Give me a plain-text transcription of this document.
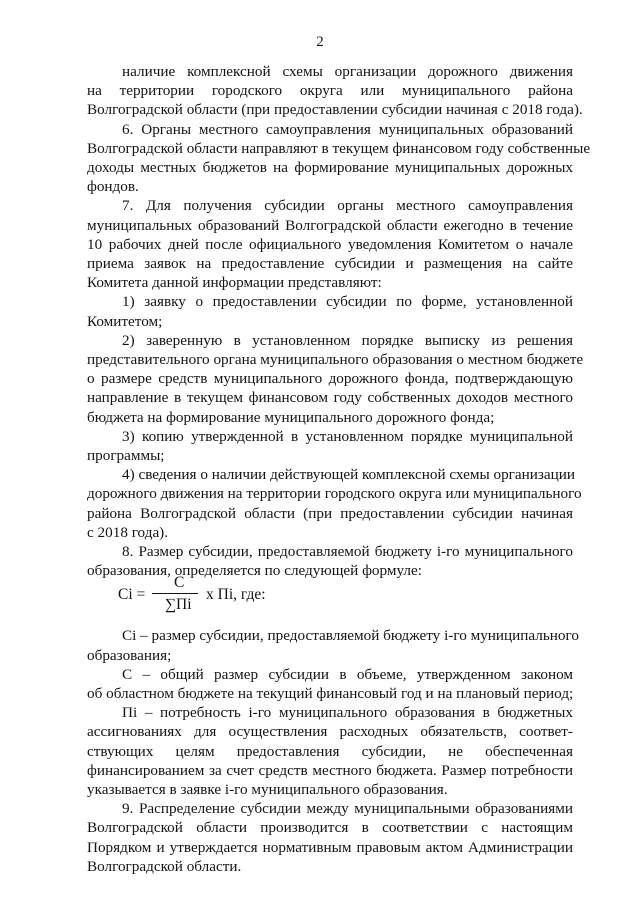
2
наличие комплексной схемы организации дорожного движения
на территории городского округа или муниципального района
Волгоградской области (при предоставлении субсидии начиная с 2018 года).
6. Органы местного самоуправления муниципальных образований
Волгоградской области направляют в текущем финансовом году собственные
доходы местных бюджетов на формирование муниципальных дорожных
фондов.
7. Для получения субсидии органы местного самоуправления
муниципальных образований Волгоградской области ежегодно в течение
10 рабочих дней после официального уведомления Комитетом о начале
приема заявок на предоставление субсидии и размещения на сайте
Комитета данной информации представляют:
1) заявку о предоставлении субсидии по форме, установленной
Комитетом;
2) заверенную в установленном порядке выписку из решения
представительного органа муниципального образования о местном бюджете
о размере средств муниципального дорожного фонда, подтверждающую
направление в текущем финансовом году собственных доходов местного
бюджета на формирование муниципального дорожного фонда;
3) копию утвержденной в установленном порядке муниципальной
программы;
4) сведения о наличии действующей комплексной схемы организации
дорожного движения на территории городского округа или муниципального
района Волгоградской области (при предоставлении субсидии начиная
с 2018 года).
8. Размер субсидии, предоставляемой бюджету i-го муниципального
образования, определяется по следующей формуле:
Ci =
C
∑Пi
x Пi, где:
Ci – размер субсидии, предоставляемой бюджету i-го муниципального
образования;
С – общий размер субсидии в объеме, утвержденном законом
об областном бюджете на текущий финансовый год и на плановый период;
Пi – потребность i-го муниципального образования в бюджетных
ассигнованиях для осуществления расходных обязательств, соответ-
ствующих целям предоставления субсидии, не обеспеченная
финансированием за счет средств местного бюджета. Размер потребности
указывается в заявке i-го муниципального образования.
9. Распределение субсидии между муниципальными образованиями
Волгоградской области производится в соответствии с настоящим
Порядком и утверждается нормативным правовым актом Администрации
Волгоградской области.
